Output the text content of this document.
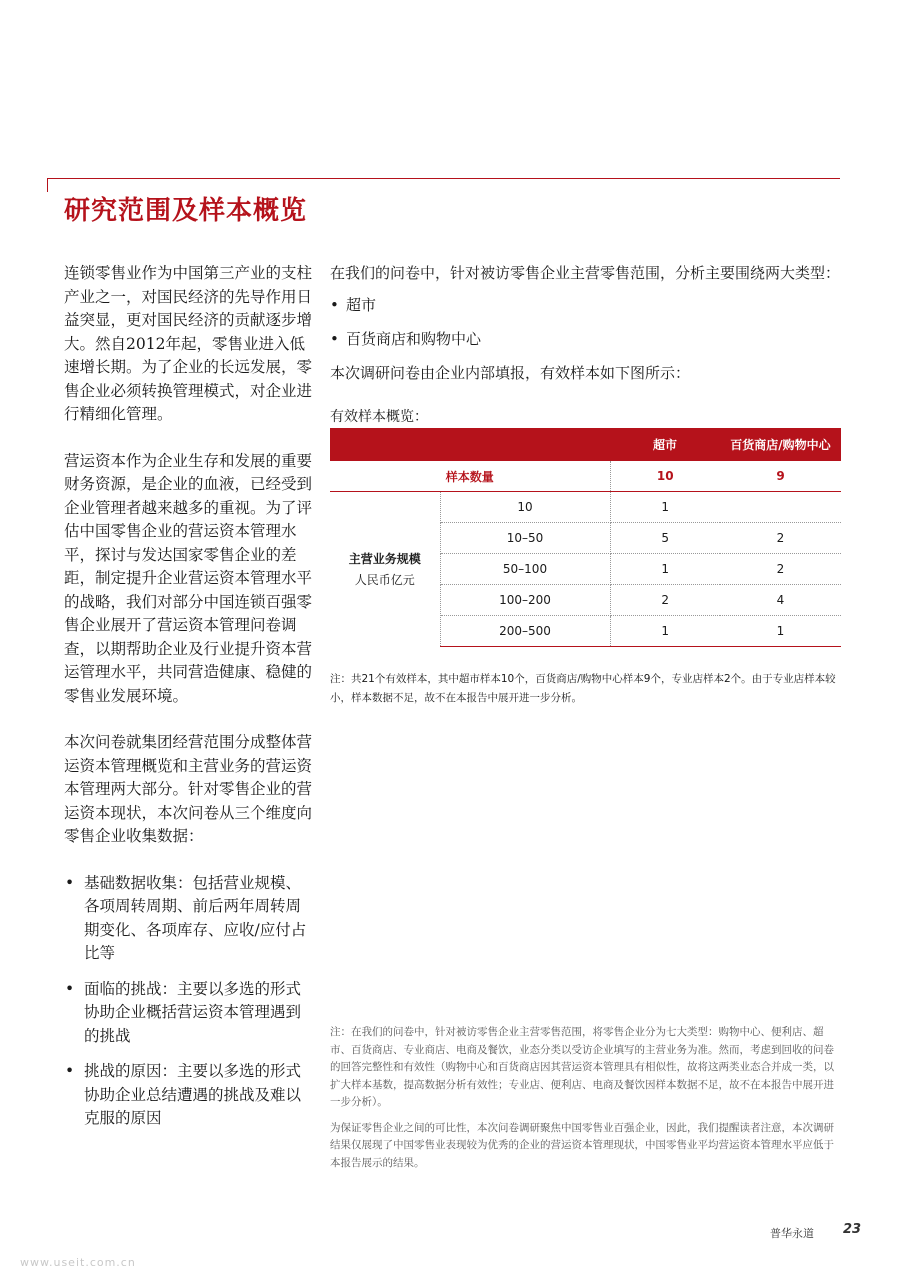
研究范围及样本概览

连锁零售业作为中国第三产业的支柱产业之一，对国民经济的先导作用日益突显，更对国民经济的贡献逐步增大。然自2012年起，零售业进入低速增长期。为了企业的长远发展，零售企业必须转换管理模式，对企业进行精细化管理。

营运资本作为企业生存和发展的重要财务资源，是企业的血液，已经受到企业管理者越来越多的重视。为了评估中国零售企业的营运资本管理水平，探讨与发达国家零售企业的差距，制定提升企业营运资本管理水平的战略，我们对部分中国连锁百强零售企业展开了营运资本管理问卷调查，以期帮助企业及行业提升资本营运管理水平，共同营造健康、稳健的零售业发展环境。

本次问卷就集团经营范围分成整体营运资本管理概览和主营业务的营运资本管理两大部分。针对零售企业的营运资本现状，本次问卷从三个维度向零售企业收集数据：

• 基础数据收集：包括营业规模、各项周转周期、前后两年周转周期变化、各项库存、应收/应付占比等
• 面临的挑战：主要以多选的形式协助企业概括营运资本管理遇到的挑战
• 挑战的原因：主要以多选的形式协助企业总结遭遇的挑战及难以克服的原因

在我们的问卷中，针对被访零售企业主营零售范围，分析主要围绕两大类型：

• 超市
• 百货商店和购物中心

本次调研问卷由企业内部填报，有效样本如下图所示：

有效样本概览：
		超市	百货商店/购物中心
样本数量		10	9

主营业务规模
人民币亿元	10	1	
	10–50	5	2
	50–100	1	2
	100–200	2	4
	200–500	1	1

注：共21个有效样本，其中超市样本10个，百货商店/购物中心样本9个，专业店样本2个。由于专业店样本较小，样本数据不足，故不在本报告中展开进一步分析。

注：在我们的问卷中，针对被访零售企业主营零售范围，将零售企业分为七大类型：购物中心、便利店、超市、百货商店、专业商店、电商及餐饮，业态分类以受访企业填写的主营业务为准。然而，考虑到回收的问卷的回答完整性和有效性（购物中心和百货商店因其营运资本管理具有相似性，故将这两类业态合并成一类，以扩大样本基数，提高数据分析有效性；专业店、便利店、电商及餐饮因样本数据不足，故不在本报告中展开进一步分析）。

为保证零售企业之间的可比性，本次问卷调研聚焦中国零售业百强企业，因此，我们提醒读者注意，本次调研结果仅展现了中国零售业表现较为优秀的企业的营运资本管理现状，中国零售业平均营运资本管理水平应低于本报告展示的结果。

普华永道 23
www.useit.com.cn
